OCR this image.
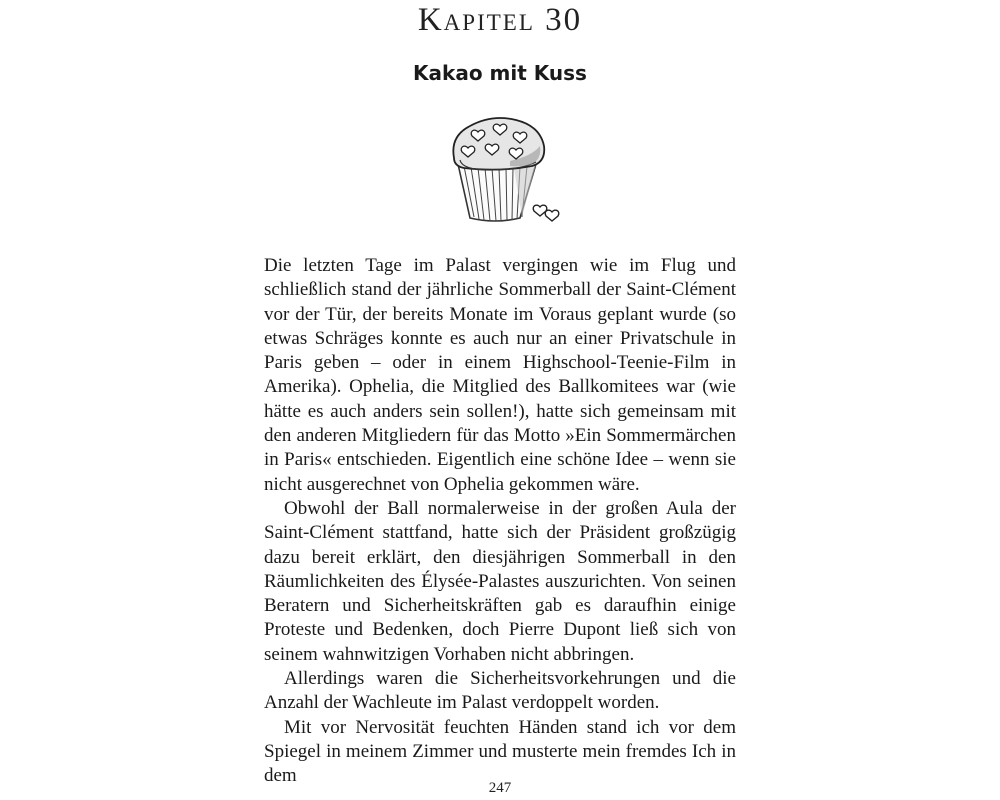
Kapitel 30
Kakao mit Kuss

Die letzten Tage im Palast vergingen wie im Flug und schließlich stand der jährliche Sommerball der Saint-Clément vor der Tür, der bereits Monate im Voraus geplant wurde (so etwas Schräges konnte es auch nur an einer Privatschule in Paris geben – oder in einem Highschool-Teenie-Film in Amerika). Ophelia, die Mitglied des Ballkomitees war (wie hätte es auch anders sein sollen!), hatte sich gemeinsam mit den anderen Mitgliedern für das Motto »Ein Sommermärchen in Paris« entschieden. Eigentlich eine schöne Idee – wenn sie nicht ausgerechnet von Ophelia gekommen wäre.

Obwohl der Ball normalerweise in der großen Aula der Saint-Clément stattfand, hatte sich der Präsident großzügig dazu bereit erklärt, den diesjährigen Sommerball in den Räumlichkeiten des Élysée-Palastes auszurichten. Von seinen Beratern und Sicherheitskräften gab es daraufhin einige Proteste und Bedenken, doch Pierre Dupont ließ sich von seinem wahnwitzigen Vorhaben nicht abbringen.

Allerdings waren die Sicherheitsvorkehrungen und die Anzahl der Wachleute im Palast verdoppelt worden.

Mit vor Nervosität feuchten Händen stand ich vor dem Spiegel in meinem Zimmer und musterte mein fremdes Ich in dem

247
